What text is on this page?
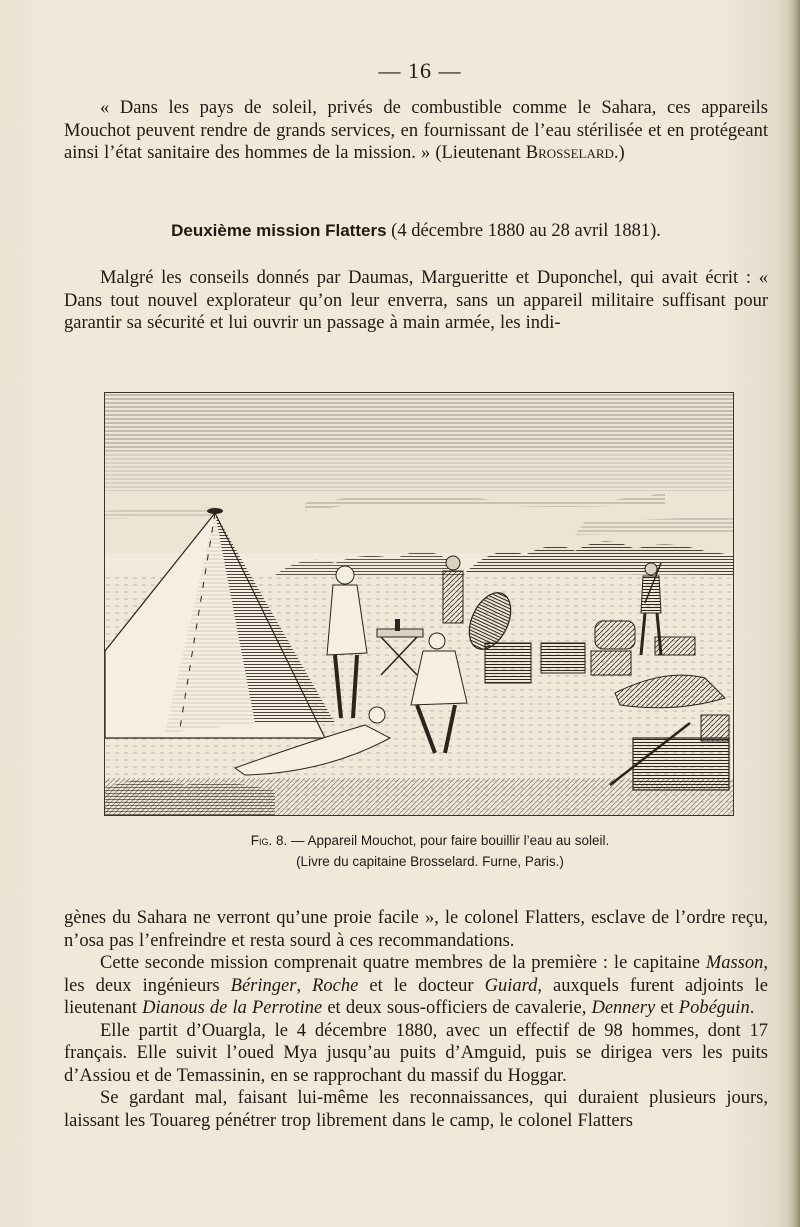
— 16 —

« Dans les pays de soleil, privés de combustible comme le Sahara, ces appareils Mouchot peuvent rendre de grands services, en fournissant de l’eau stérilisée et en protégeant ainsi l’état sanitaire des hommes de la mission. » (Lieutenant Brosselard.)

Deuxième mission Flatters (4 décembre 1880 au 28 avril 1881).

Malgré les conseils donnés par Daumas, Margueritte et Duponchel, qui avait écrit : « Dans tout nouvel explorateur qu’on leur enverra, sans un appareil militaire suffisant pour garantir sa sécurité et lui ouvrir un passage à main armée, les indi-

Fig. 8. — Appareil Mouchot, pour faire bouillir l’eau au soleil.
(Livre du capitaine Brosselard. Furne, Paris.)

gènes du Sahara ne verront qu’une proie facile », le colonel Flatters, esclave de l’ordre reçu, n’osa pas l’enfreindre et resta sourd à ces recommandations.

Cette seconde mission comprenait quatre membres de la première : le capitaine Masson, les deux ingénieurs Béringer, Roche et le docteur Guiard, auxquels furent adjoints le lieutenant Dianous de la Perrotine et deux sous-officiers de cavalerie, Dennery et Pobéguin.

Elle partit d’Ouargla, le 4 décembre 1880, avec un effectif de 98 hommes, dont 17 français. Elle suivit l’oued Mya jusqu’au puits d’Amguid, puis se dirigea vers les puits d’Assiou et de Temassinin, en se rapprochant du massif du Hoggar.

Se gardant mal, faisant lui-même les reconnaissances, qui duraient plusieurs jours, laissant les Touareg pénétrer trop librement dans le camp, le colonel Flatters
